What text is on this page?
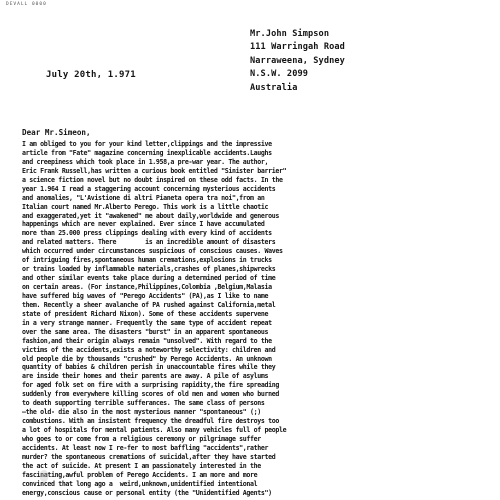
DEVALL 0000
Mr.John Simpson
111 Warringah Road
Narraweena, Sydney
N.S.W. 2099
Australia
July 20th, 1.971
Dear Mr.Simeon,
I am obliged to you for your kind letter,clippings and the impressive
article from "Fate" magazine concerning inexplicable accidents.Laughs
and creepiness which took place in 1.958,a pre-war year. The author,
Eric Frank Russell,has written a curious book entitled "Sinister barrier"
a science fiction novel but no doubt inspired on these odd facts. In the
year 1.964 I read a staggering account concerning mysterious accidents
and anomalies, "L'Avistione di altri Pianeta opera tra noi",from an
Italian court named Mr.Alberto Perego. This work is a little chaotic
and exaggerated,yet it "awakened" me about daily,worldwide and generous
happenings which are never explained. Ever since I have accumulated
more than 25.000 press clippings dealing with every kind of accidents
and related matters. There        is an incredible amount of disasters
which occurred under circumstances suspicious of conscious causes. Waves
of intriguing fires,spontaneous human cremations,explosions in trucks
or trains loaded by inflammable materials,crashes of planes,shipwrecks
and other similar events take place during a determined period of time
on certain areas. (For instance,Philippines,Colombia ,Belgium,Malasia
have suffered big waves of "Perego Accidents" (PA),as I like to name
them. Recently a sheer avalanche of PA rushed against California,metal
state of president Richard Nixon). Some of these accidents supervene
in a very strange manner. Frequently the same type of accident repeat
over the same area. The disasters "burst" in an apparent spontaneous
fashion,and their origin always remain "unsolved". With regard to the
victims of the accidents,exists a noteworthy selectivity: children and
old people die by thousands "crushed" by Perego Accidents. An unknown
quantity of babies & children perish in unaccountable fires while they
are inside their homes and their parents are away. A pile of asylums
for aged folk set on fire with a surprising rapidity,the fire spreading
suddenly from everywhere killing scores of old men and women who burned
to death supporting terrible sufferances. The same class of persons
—the old- die also in the most mysterious manner "spontaneous" (;)
combustions. With an insistent frequency the dreadful fire destroys too
a lot of hospitals for mental patients. Also many vehicles full of people
who goes to or come from a religious ceremony or pilgrimage suffer
accidents. At least now I re-fer to most baffling "accidents",rather
murder? the spontaneous cremations of suicidal,after they have started
the act of suicide. At present I am passionately interested in the
fascinating,awful problem of Perego Accidents. I am more and more
convinced that long ago a  weird,unknown,unidentified intentional
energy,conscious cause or personal entity (the "Unidentified Agents")
